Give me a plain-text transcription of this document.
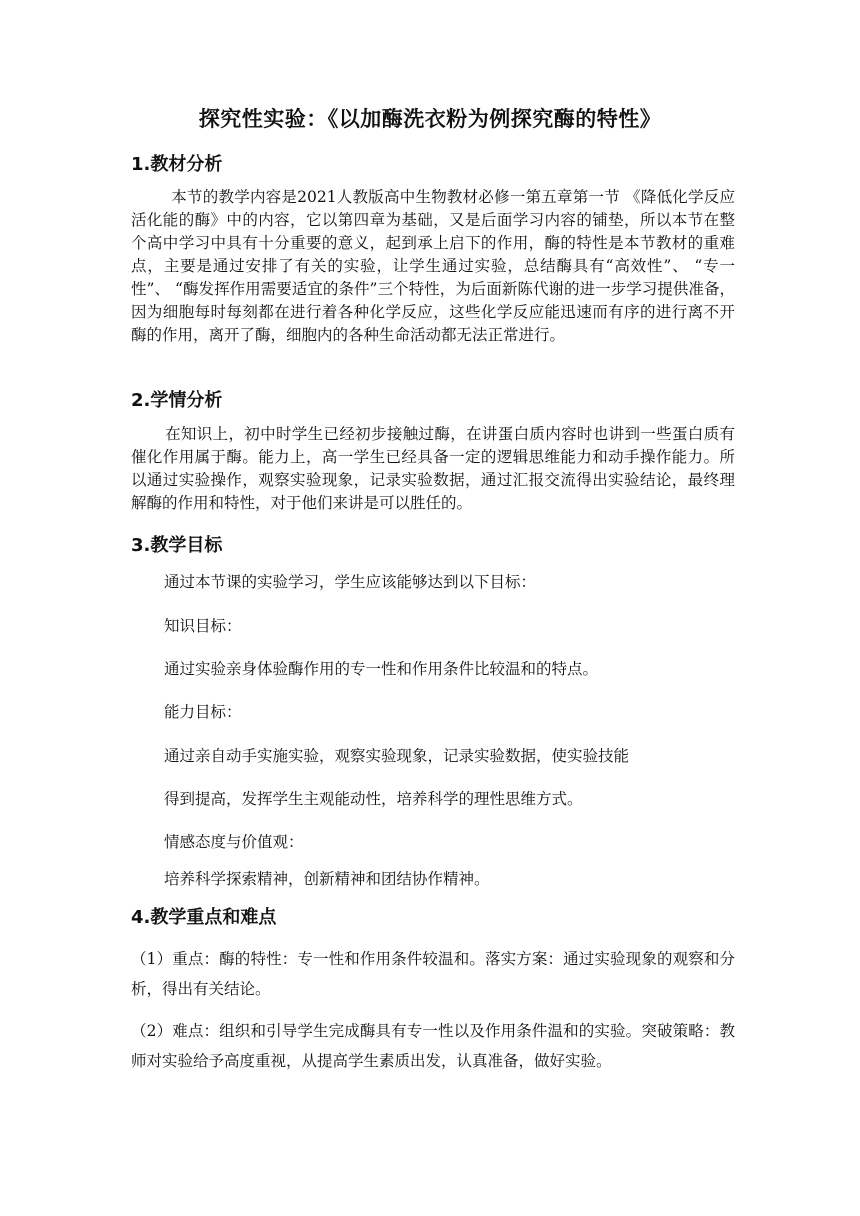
探究性实验：《以加酶洗衣粉为例探究酶的特性》
1.教材分析

本节的教学内容是2021人教版高中生物教材必修一第五章第一节 《降低化学反应活化能的酶》中的内容，它以第四章为基础，又是后面学习内容的铺垫，所以本节在整个高中学习中具有十分重要的意义，起到承上启下的作用，酶的特性是本节教材的重难点，主要是通过安排了有关的实验，让学生通过实验，总结酶具有“高效性”、 “专一性”、 “酶发挥作用需要适宜的条件”三个特性，为后面新陈代谢的进一步学习提供准备，因为细胞每时每刻都在进行着各种化学反应，这些化学反应能迅速而有序的进行离不开酶的作用，离开了酶，细胞内的各种生命活动都无法正常进行。

2.学情分析

在知识上，初中时学生已经初步接触过酶，在讲蛋白质内容时也讲到一些蛋白质有催化作用属于酶。能力上，高一学生已经具备一定的逻辑思维能力和动手操作能力。所以通过实验操作，观察实验现象，记录实验数据，通过汇报交流得出实验结论，最终理解酶的作用和特性，对于他们来讲是可以胜任的。

3.教学目标

通过本节课的实验学习，学生应该能够达到以下目标：

知识目标：

通过实验亲身体验酶作用的专一性和作用条件比较温和的特点。

能力目标：

通过亲自动手实施实验，观察实验现象，记录实验数据，使实验技能

得到提高，发挥学生主观能动性，培养科学的理性思维方式。

情感态度与价值观：

培养科学探索精神，创新精神和团结协作精神。

4.教学重点和难点

（1）重点：酶的特性：专一性和作用条件较温和。落实方案：通过实验现象的观察和分析，得出有关结论。

（2）难点：组织和引导学生完成酶具有专一性以及作用条件温和的实验。突破策略：教师对实验给予高度重视，从提高学生素质出发，认真准备，做好实验。
